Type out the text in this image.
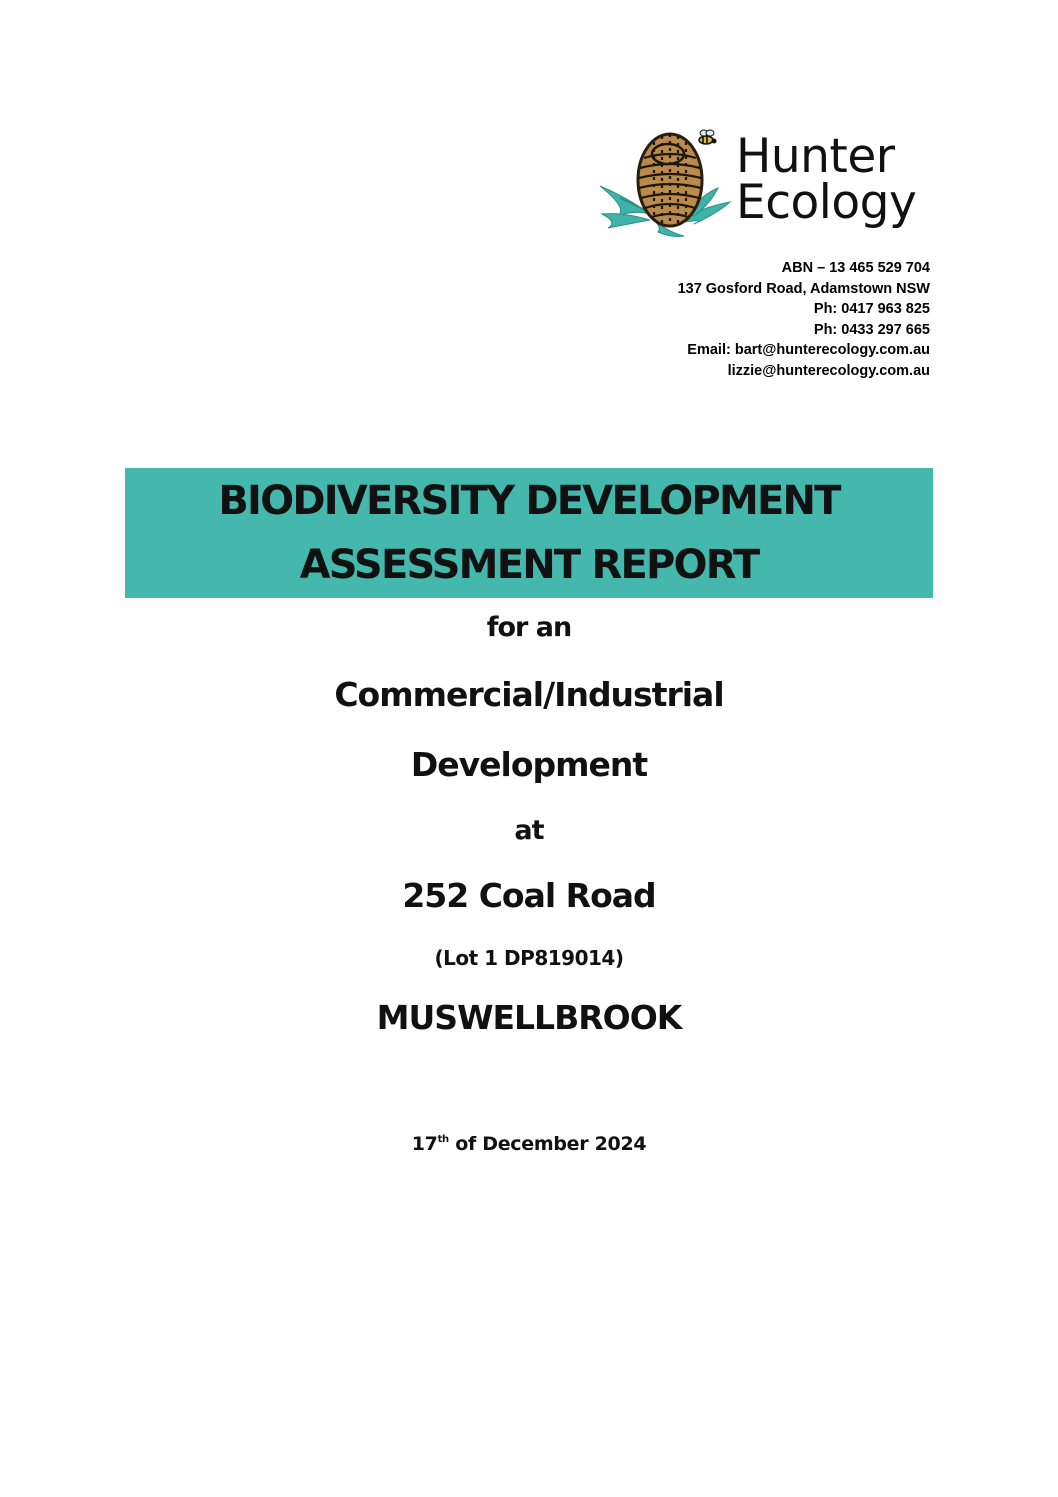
Hunter
Ecology
ABN – 13 465 529 704
137 Gosford Road, Adamstown NSW
Ph: 0417 963 825
Ph: 0433 297 665
Email: bart@hunterecology.com.au
lizzie@hunterecology.com.au
BIODIVERSITY DEVELOPMENT
ASSESSMENT REPORT
for an
Commercial/Industrial
Development
at
252 Coal Road
(Lot 1 DP819014)
MUSWELLBROOK
17th of December 2024
